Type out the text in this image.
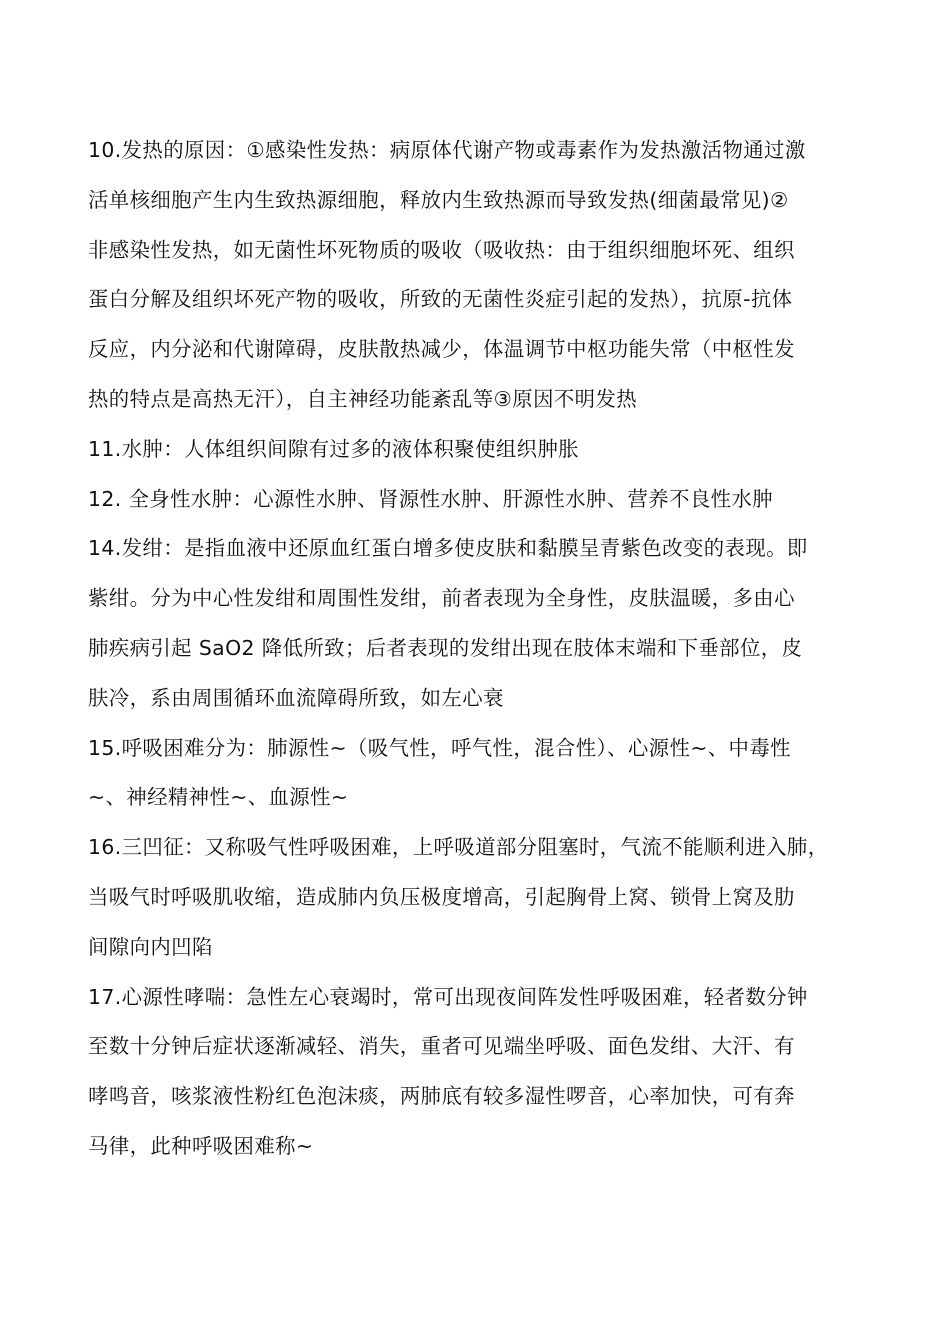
10.发热的原因：①感染性发热：病原体代谢产物或毒素作为发热激活物通过激
活单核细胞产生内生致热源细胞，释放内生致热源而导致发热(细菌最常见)②
非感染性发热，如无菌性坏死物质的吸收（吸收热：由于组织细胞坏死、组织
蛋白分解及组织坏死产物的吸收，所致的无菌性炎症引起的发热），抗原-抗体
反应，内分泌和代谢障碍，皮肤散热减少，体温调节中枢功能失常（中枢性发
热的特点是高热无汗），自主神经功能紊乱等③原因不明发热
11.水肿：人体组织间隙有过多的液体积聚使组织肿胀
12. 全身性水肿：心源性水肿、肾源性水肿、肝源性水肿、营养不良性水肿
14.发绀：是指血液中还原血红蛋白增多使皮肤和黏膜呈青紫色改变的表现。即
紫绀。分为中心性发绀和周围性发绀，前者表现为全身性，皮肤温暖，多由心
肺疾病引起 SaO2 降低所致；后者表现的发绀出现在肢体末端和下垂部位，皮
肤冷，系由周围循环血流障碍所致，如左心衰
15.呼吸困难分为：肺源性~（吸气性，呼气性，混合性）、心源性~、中毒性
~、神经精神性~、血源性~
16.三凹征：又称吸气性呼吸困难，上呼吸道部分阻塞时，气流不能顺利进入肺，
当吸气时呼吸肌收缩，造成肺内负压极度增高，引起胸骨上窝、锁骨上窝及肋
间隙向内凹陷
17.心源性哮喘：急性左心衰竭时，常可出现夜间阵发性呼吸困难，轻者数分钟
至数十分钟后症状逐渐减轻、消失，重者可见端坐呼吸、面色发绀、大汗、有
哮鸣音，咳浆液性粉红色泡沫痰，两肺底有较多湿性啰音，心率加快，可有奔
马律，此种呼吸困难称~
